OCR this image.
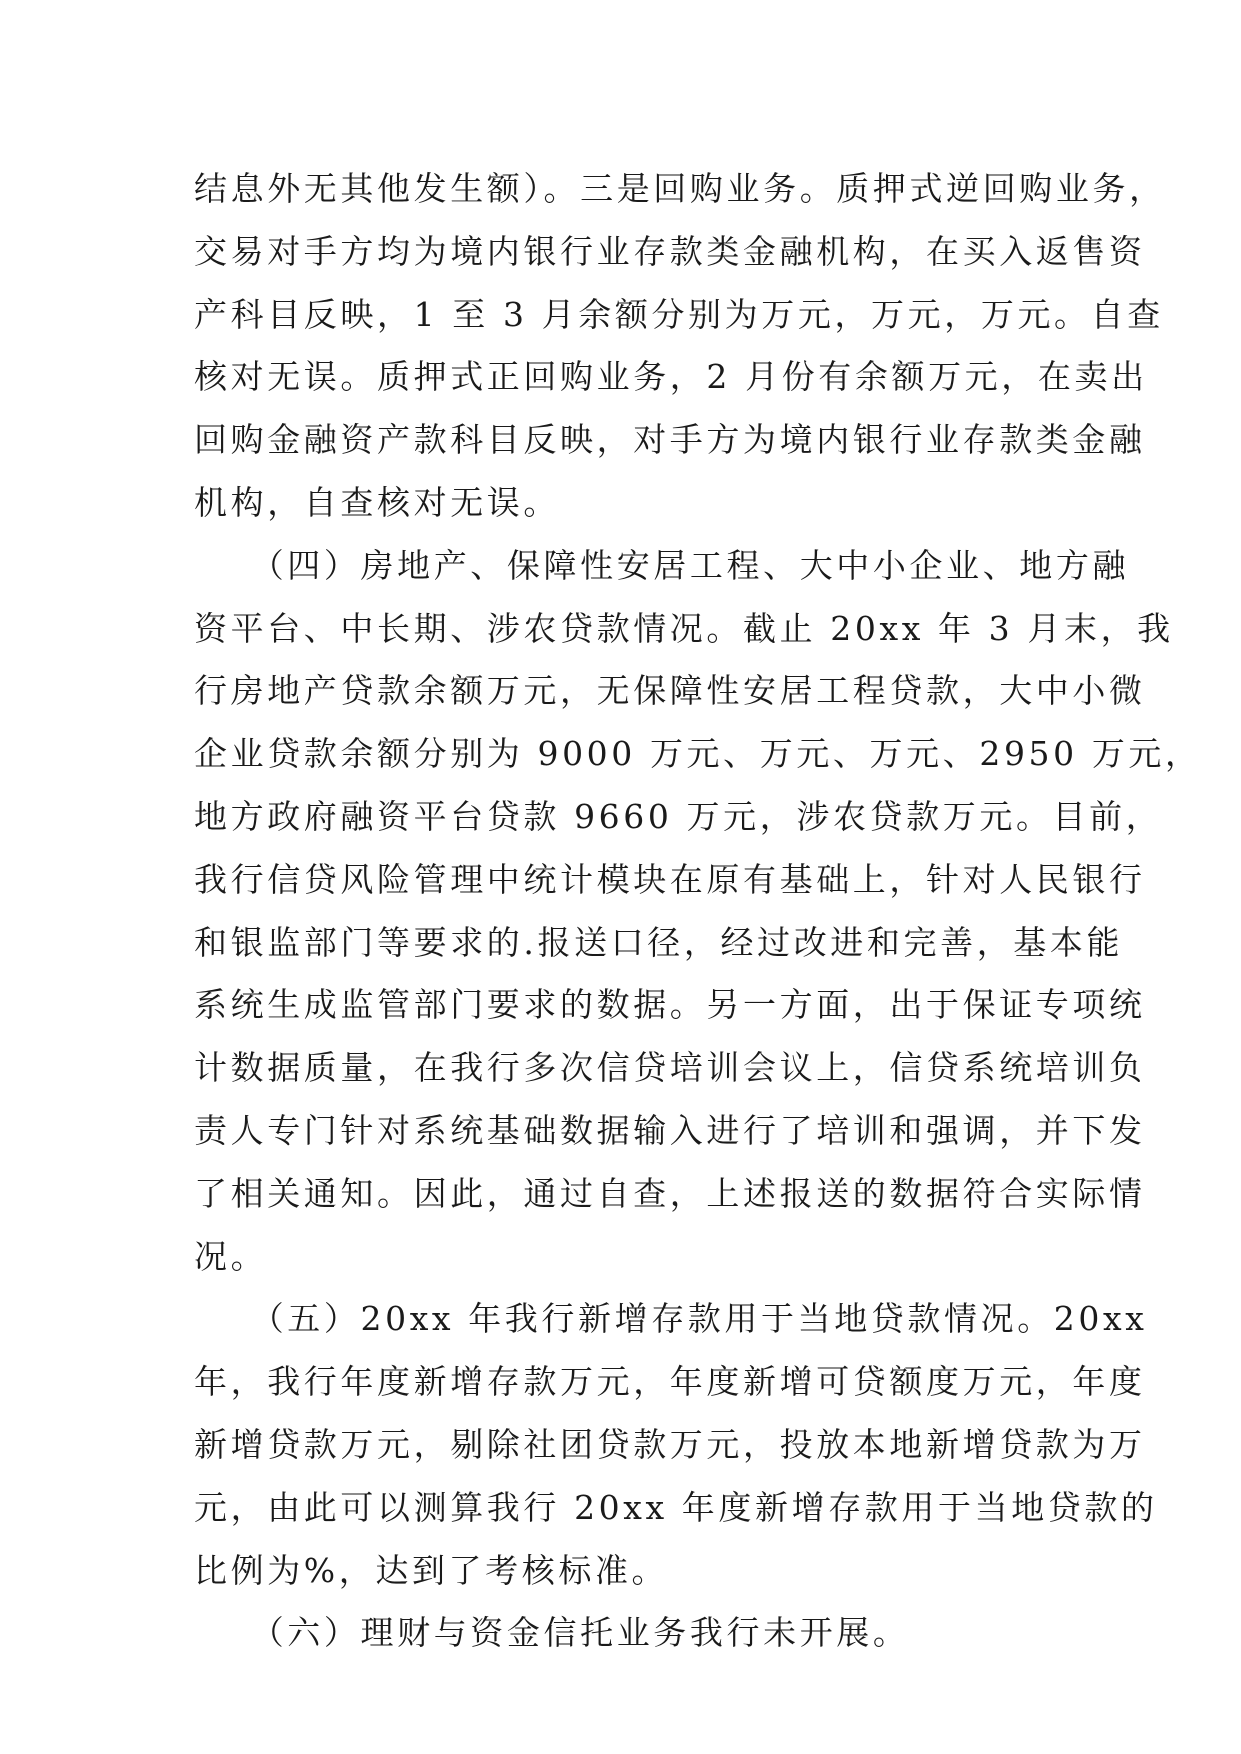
结息外无其他发生额）。三是回购业务。质押式逆回购业务，
交易对手方均为境内银行业存款类金融机构，在买入返售资
产科目反映，1 至 3 月余额分别为万元，万元，万元。自查
核对无误。质押式正回购业务，2 月份有余额万元，在卖出
回购金融资产款科目反映，对手方为境内银行业存款类金融
机构，自查核对无误。
　　（四）房地产、保障性安居工程、大中小企业、地方融
资平台、中长期、涉农贷款情况。截止 20xx 年 3 月末，我
行房地产贷款余额万元，无保障性安居工程贷款，大中小微
企业贷款余额分别为 9000 万元、万元、万元、2950 万元，
地方政府融资平台贷款 9660 万元，涉农贷款万元。目前，
我行信贷风险管理中统计模块在原有基础上，针对人民银行
和银监部门等要求的.报送口径，经过改进和完善，基本能
系统生成监管部门要求的数据。另一方面，出于保证专项统
计数据质量，在我行多次信贷培训会议上，信贷系统培训负
责人专门针对系统基础数据输入进行了培训和强调，并下发
了相关通知。因此，通过自查，上述报送的数据符合实际情
况。
　　（五）20xx 年我行新增存款用于当地贷款情况。20xx
年，我行年度新增存款万元，年度新增可贷额度万元，年度
新增贷款万元，剔除社团贷款万元，投放本地新增贷款为万
元，由此可以测算我行 20xx 年度新增存款用于当地贷款的
比例为%，达到了考核标准。
　　（六）理财与资金信托业务我行未开展。
